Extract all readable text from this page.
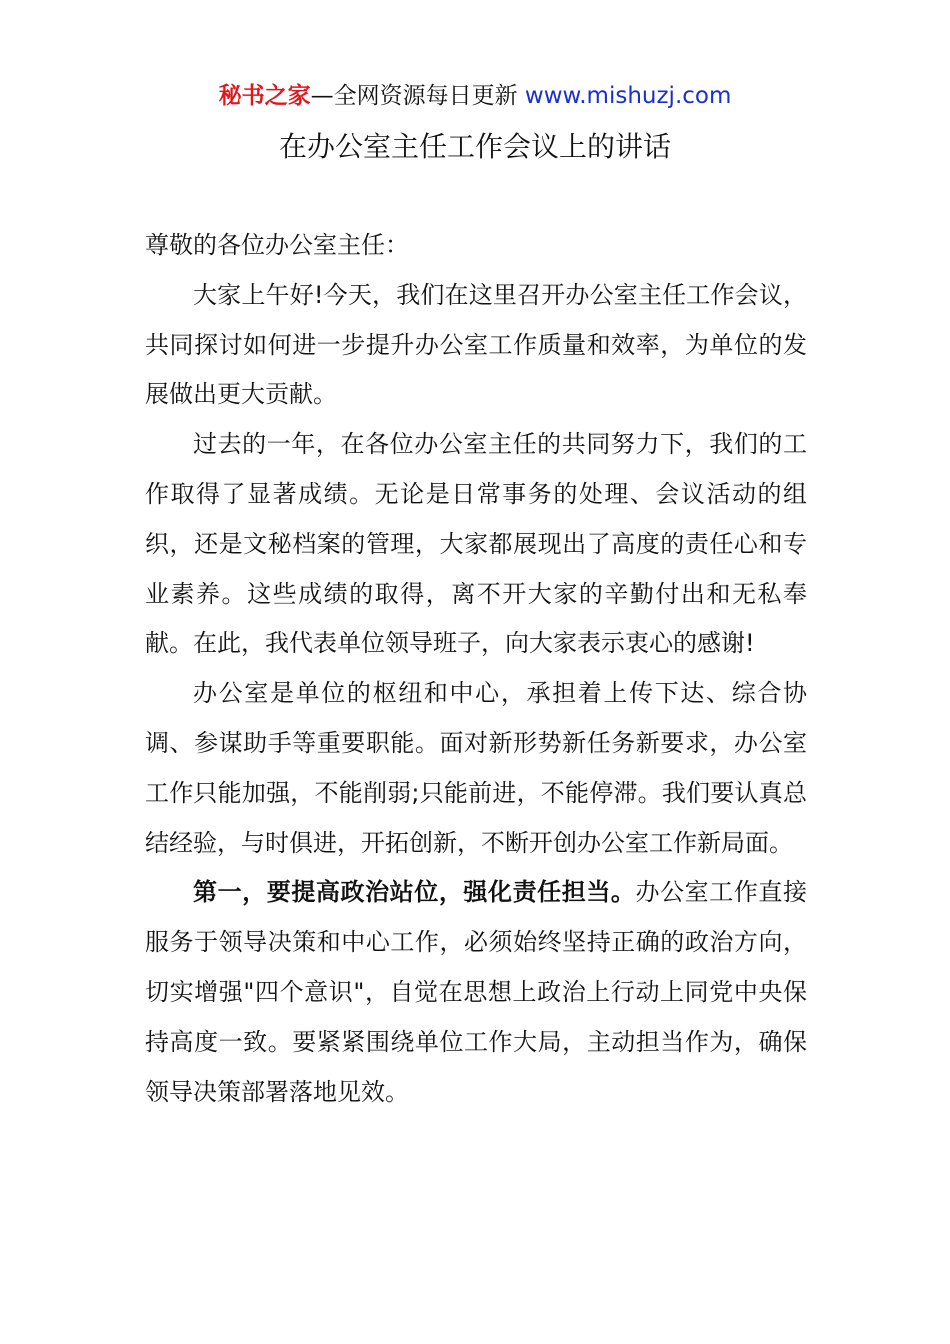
秘书之家—全网资源每日更新 www.mishuzj.com
在办公室主任工作会议上的讲话

尊敬的各位办公室主任：

大家上午好!今天，我们在这里召开办公室主任工作会议，共同探讨如何进一步提升办公室工作质量和效率，为单位的发展做出更大贡献。

过去的一年，在各位办公室主任的共同努力下，我们的工作取得了显著成绩。无论是日常事务的处理、会议活动的组织，还是文秘档案的管理，大家都展现出了高度的责任心和专业素养。这些成绩的取得，离不开大家的辛勤付出和无私奉献。在此，我代表单位领导班子，向大家表示衷心的感谢!

办公室是单位的枢纽和中心，承担着上传下达、综合协调、参谋助手等重要职能。面对新形势新任务新要求，办公室工作只能加强，不能削弱;只能前进，不能停滞。我们要认真总结经验，与时俱进，开拓创新，不断开创办公室工作新局面。

第一，要提高政治站位，强化责任担当。办公室工作直接服务于领导决策和中心工作，必须始终坚持正确的政治方向，切实增强"四个意识"，自觉在思想上政治上行动上同党中央保持高度一致。要紧紧围绕单位工作大局，主动担当作为，确保领导决策部署落地见效。
